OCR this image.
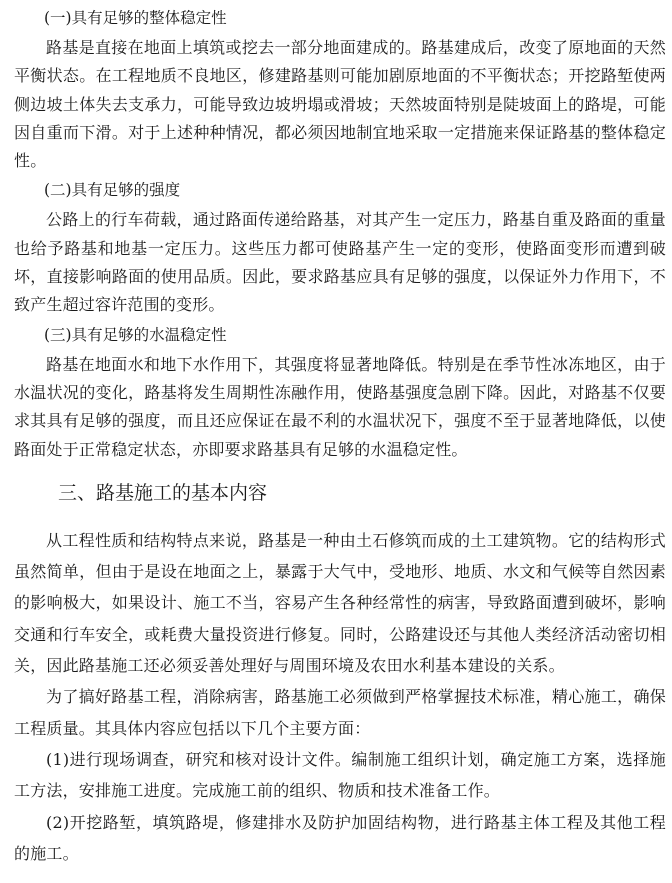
(一)具有足够的整体稳定性

路基是直接在地面上填筑或挖去一部分地面建成的。路基建成后，改变了原地面的天然平衡状态。在工程地质不良地区，修建路基则可能加剧原地面的不平衡状态；开挖路堑使两侧边坡土体失去支承力，可能导致边坡坍塌或滑坡；天然坡面特别是陡坡面上的路堤，可能因自重而下滑。对于上述种种情况，都必须因地制宜地采取一定措施来保证路基的整体稳定性。

(二)具有足够的强度

公路上的行车荷载，通过路面传递给路基，对其产生一定压力，路基自重及路面的重量也给予路基和地基一定压力。这些压力都可使路基产生一定的变形，使路面变形而遭到破坏，直接影响路面的使用品质。因此，要求路基应具有足够的强度，以保证外力作用下，不致产生超过容许范围的变形。

(三)具有足够的水温稳定性

路基在地面水和地下水作用下，其强度将显著地降低。特别是在季节性冰冻地区，由于水温状况的变化，路基将发生周期性冻融作用，使路基强度急剧下降。因此，对路基不仅要求其具有足够的强度，而且还应保证在最不利的水温状况下，强度不至于显著地降低，以使路面处于正常稳定状态，亦即要求路基具有足够的水温稳定性。

三、路基施工的基本内容

从工程性质和结构特点来说，路基是一种由土石修筑而成的土工建筑物。它的结构形式虽然简单，但由于是设在地面之上，暴露于大气中，受地形、地质、水文和气候等自然因素的影响极大，如果设计、施工不当，容易产生各种经常性的病害，导致路面遭到破坏，影响交通和行车安全，或耗费大量投资进行修复。同时，公路建设还与其他人类经济活动密切相关，因此路基施工还必须妥善处理好与周围环境及农田水利基本建设的关系。

为了搞好路基工程，消除病害，路基施工必须做到严格掌握技术标准，精心施工，确保工程质量。其具体内容应包括以下几个主要方面：

(1)进行现场调查，研究和核对设计文件。编制施工组织计划，确定施工方案，选择施工方法，安排施工进度。完成施工前的组织、物质和技术准备工作。

(2)开挖路堑，填筑路堤，修建排水及防护加固结构物，进行路基主体工程及其他工程的施工。
